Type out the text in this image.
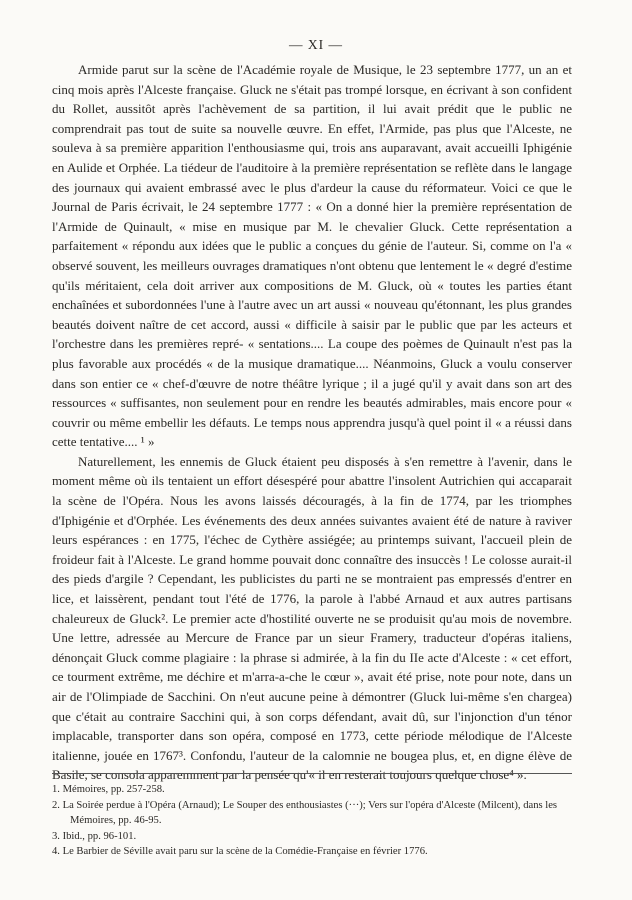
— XI —

Armide parut sur la scène de l'Académie royale de Musique, le 23 septembre 1777, un an et cinq mois après l'Alceste française. Gluck ne s'était pas trompé lorsque, en écrivant à son confident du Rollet, aussitôt après l'achèvement de sa partition, il lui avait prédit que le public ne comprendrait pas tout de suite sa nouvelle œuvre. En effet, l'Armide, pas plus que l'Alceste, ne souleva à sa première apparition l'enthousiasme qui, trois ans auparavant, avait accueilli Iphigénie en Aulide et Orphée. La tiédeur de l'auditoire à la première représentation se reflète dans le langage des journaux qui avaient embrassé avec le plus d'ardeur la cause du réformateur. Voici ce que le Journal de Paris écrivait, le 24 septembre 1777 : « On a donné hier la première représentation de l'Armide de Quinault, « mise en musique par M. le chevalier Gluck. Cette représentation a parfaitement « répondu aux idées que le public a conçues du génie de l'auteur. Si, comme on l'a « observé souvent, les meilleurs ouvrages dramatiques n'ont obtenu que lentement le « degré d'estime qu'ils méritaient, cela doit arriver aux compositions de M. Gluck, où « toutes les parties étant enchaînées et subordonnées l'une à l'autre avec un art aussi « nouveau qu'étonnant, les plus grandes beautés doivent naître de cet accord, aussi « difficile à saisir par le public que par les acteurs et l'orchestre dans les premières repré- « sentations.... La coupe des poèmes de Quinault n'est pas la plus favorable aux procédés « de la musique dramatique.... Néanmoins, Gluck a voulu conserver dans son entier ce « chef-d'œuvre de notre théâtre lyrique ; il a jugé qu'il y avait dans son art des ressources « suffisantes, non seulement pour en rendre les beautés admirables, mais encore pour « couvrir ou même embellir les défauts. Le temps nous apprendra jusqu'à quel point il « a réussi dans cette tentative.... ¹ »

Naturellement, les ennemis de Gluck étaient peu disposés à s'en remettre à l'avenir, dans le moment même où ils tentaient un effort désespéré pour abattre l'insolent Autrichien qui accaparait la scène de l'Opéra. Nous les avons laissés découragés, à la fin de 1774, par les triomphes d'Iphigénie et d'Orphée. Les événements des deux années suivantes avaient été de nature à raviver leurs espérances : en 1775, l'échec de Cythère assiégée; au printemps suivant, l'accueil plein de froideur fait à l'Alceste. Le grand homme pouvait donc connaître des insuccès ! Le colosse aurait-il des pieds d'argile ? Cependant, les publicistes du parti ne se montraient pas empressés d'entrer en lice, et laissèrent, pendant tout l'été de 1776, la parole à l'abbé Arnaud et aux autres partisans chaleureux de Gluck². Le premier acte d'hostilité ouverte ne se produisit qu'au mois de novembre. Une lettre, adressée au Mercure de France par un sieur Framery, traducteur d'opéras italiens, dénonçait Gluck comme plagiaire : la phrase si admirée, à la fin du IIe acte d'Alceste : « cet effort, ce tourment extrême, me déchire et m'arra-a-che le cœur », avait été prise, note pour note, dans un air de l'Olimpiade de Sacchini. On n'eut aucune peine à démontrer (Gluck lui-même s'en chargea) que c'était au contraire Sacchini qui, à son corps défendant, avait dû, sur l'injonction d'un ténor implacable, transporter dans son opéra, composé en 1773, cette période mélodique de l'Alceste italienne, jouée en 1767³. Confondu, l'auteur de la calomnie ne bougea plus, et, en digne élève de Basile, se consola apparemment par la pensée qu'« il en resterait toujours quelque chose⁴ ».

1. Mémoires, pp. 257-258.

2. La Soirée perdue à l'Opéra (Arnaud); Le Souper des enthousiastes (···); Vers sur l'opéra d'Alceste (Milcent), dans les Mémoires, pp. 46-95.

3. Ibid., pp. 96-101.

4. Le Barbier de Séville avait paru sur la scène de la Comédie-Française en février 1776.
